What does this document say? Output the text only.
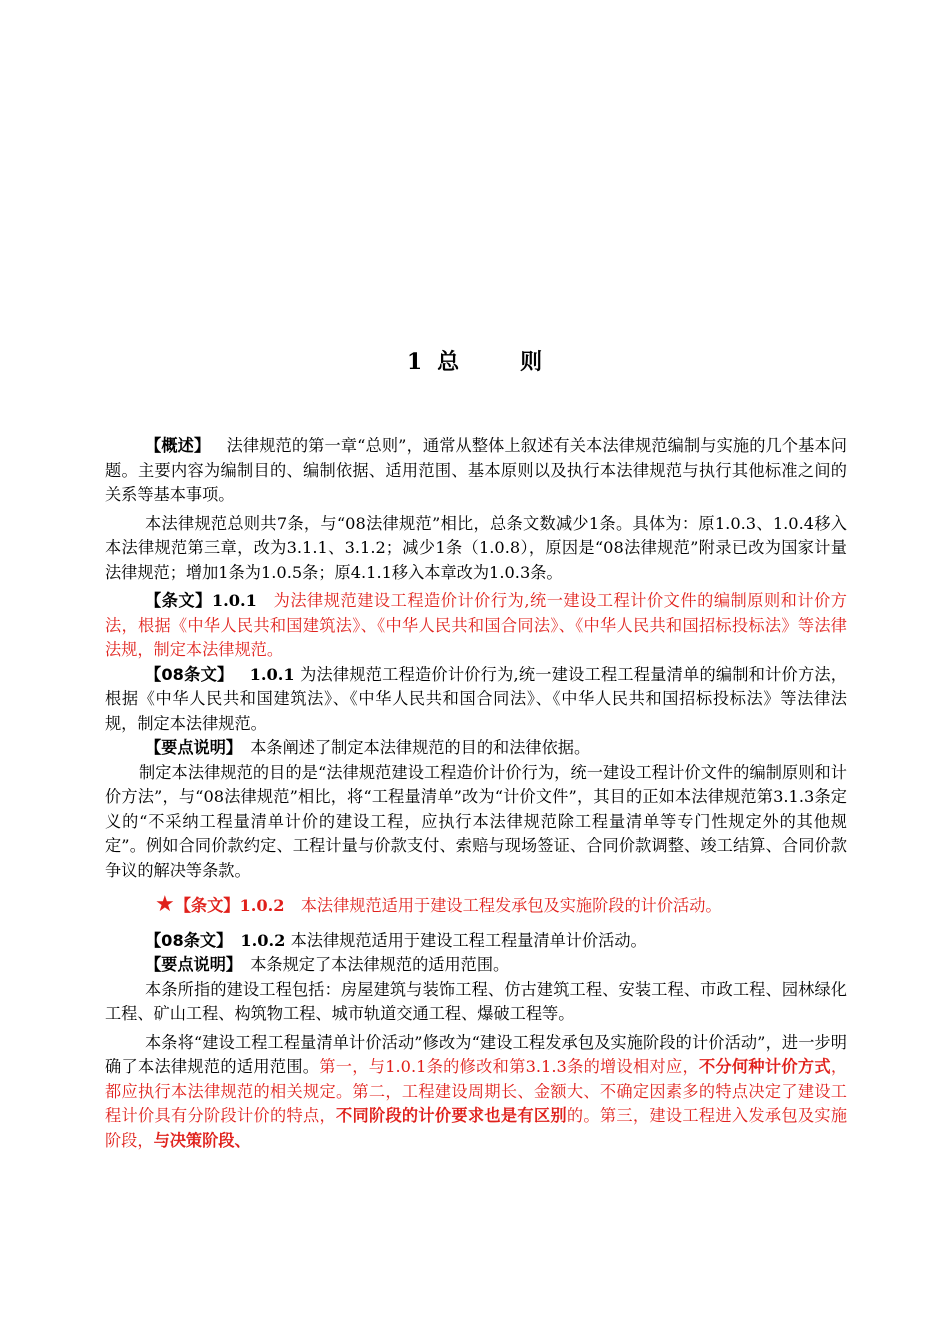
1 总	则

【概述】  法律规范的第一章“总则”，通常从整体上叙述有关本法律规范编制与实施的几个基本问题。主要内容为编制目的、编制依据、适用范围、基本原则以及执行本法律规范与执行其他标准之间的关系等基本事项。

本法律规范总则共7条，与“08法律规范”相比，总条文数减少1条。具体为：原1.0.3、1.0.4移入本法律规范第三章，改为3.1.1、3.1.2；减少1条（1.0.8），原因是“08法律规范”附录已改为国家计量法律规范；增加1条为1.0.5条；原4.1.1移入本章改为1.0.3条。

【条文】1.0.1  为法律规范建设工程造价计价行为,统一建设工程计价文件的编制原则和计价方法，根据《中华人民共和国建筑法》、《中华人民共和国合同法》、《中华人民共和国招标投标法》等法律法规，制定本法律规范。

【08条文】  1.0.1 为法律规范工程造价计价行为,统一建设工程工程量清单的编制和计价方法，根据《中华人民共和国建筑法》、《中华人民共和国合同法》、《中华人民共和国招标投标法》等法律法规，制定本法律规范。

【要点说明】  本条阐述了制定本法律规范的目的和法律依据。

制定本法律规范的目的是“法律规范建设工程造价计价行为，统一建设工程计价文件的编制原则和计价方法”，与“08法律规范”相比，将“工程量清单”改为“计价文件”，其目的正如本法律规范第3.1.3条定义的“不采纳工程量清单计价的建设工程，应执行本法律规范除工程量清单等专门性规定外的其他规定”。例如合同价款约定、工程计量与价款支付、索赔与现场签证、合同价款调整、竣工结算、合同价款争议的解决等条款。

★【条文】1.0.2  本法律规范适用于建设工程发承包及实施阶段的计价活动。

【08条文】  1.0.2 本法律规范适用于建设工程工程量清单计价活动。

【要点说明】  本条规定了本法律规范的适用范围。

本条所指的建设工程包括：房屋建筑与装饰工程、仿古建筑工程、安装工程、市政工程、园林绿化工程、矿山工程、构筑物工程、城市轨道交通工程、爆破工程等。

本条将“建设工程工程量清单计价活动”修改为“建设工程发承包及实施阶段的计价活动”，进一步明确了本法律规范的适用范围。第一，与1.0.1条的修改和第3.1.3条的增设相对应，不分何种计价方式，都应执行本法律规范的相关规定。第二，工程建设周期长、金额大、不确定因素多的特点决定了建设工程计价具有分阶段计价的特点，不同阶段的计价要求也是有区别的。第三，建设工程进入发承包及实施阶段，与决策阶段、
